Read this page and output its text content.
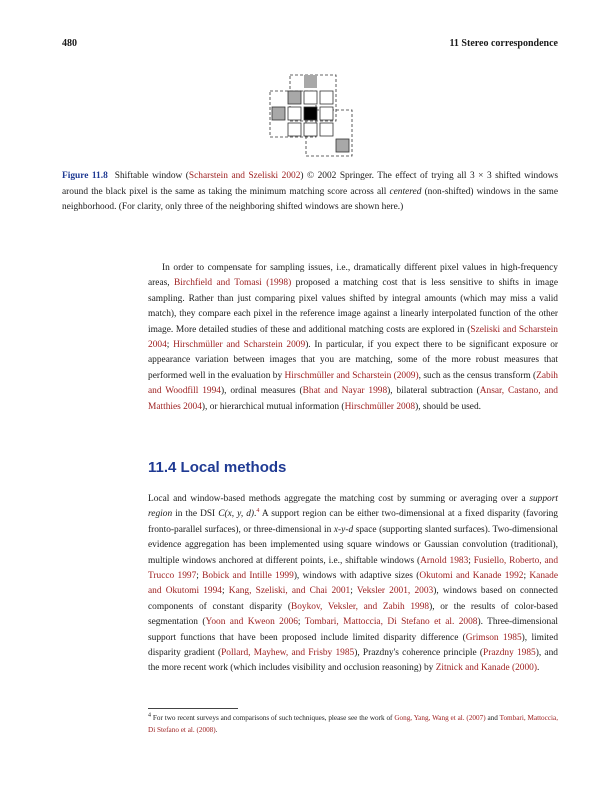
480	11 Stereo correspondence
Figure 11.8 Shiftable window (Scharstein and Szeliski 2002) © 2002 Springer. The effect of trying all 3 × 3 shifted windows around the black pixel is the same as taking the minimum matching score across all centered (non-shifted) windows in the same neighborhood. (For clarity, only three of the neighboring shifted windows are shown here.)
In order to compensate for sampling issues, i.e., dramatically different pixel values in high-frequency areas, Birchfield and Tomasi (1998) proposed a matching cost that is less sensitive to shifts in image sampling. Rather than just comparing pixel values shifted by integral amounts (which may miss a valid match), they compare each pixel in the reference image against a linearly interpolated function of the other image. More detailed studies of these and additional matching costs are explored in (Szeliski and Scharstein 2004; Hirschmüller and Scharstein 2009). In particular, if you expect there to be significant exposure or appearance variation between images that you are matching, some of the more robust measures that performed well in the evaluation by Hirschmüller and Scharstein (2009), such as the census transform (Zabih and Woodfill 1994), ordinal measures (Bhat and Nayar 1998), bilateral subtraction (Ansar, Castano, and Matthies 2004), or hierarchical mutual information (Hirschmüller 2008), should be used.
11.4 Local methods
Local and window-based methods aggregate the matching cost by summing or averaging over a support region in the DSI C(x, y, d).$^4$ A support region can be either two-dimensional at a fixed disparity (favoring fronto-parallel surfaces), or three-dimensional in x-y-d space (supporting slanted surfaces). Two-dimensional evidence aggregation has been implemented using square windows or Gaussian convolution (traditional), multiple windows anchored at different points, i.e., shiftable windows (Arnold 1983; Fusiello, Roberto, and Trucco 1997; Bobick and Intille 1999), windows with adaptive sizes (Okutomi and Kanade 1992; Kanade and Okutomi 1994; Kang, Szeliski, and Chai 2001; Veksler 2001, 2003), windows based on connected components of constant disparity (Boykov, Veksler, and Zabih 1998), or the results of color-based segmentation (Yoon and Kweon 2006; Tombari, Mattoccia, Di Stefano et al. 2008). Three-dimensional support functions that have been proposed include limited disparity difference (Grimson 1985), limited disparity gradient (Pollard, Mayhew, and Frisby 1985), Prazdny's coherence principle (Prazdny 1985), and the more recent work (which includes visibility and occlusion reasoning) by Zitnick and Kanade (2000).
$^4$ For two recent surveys and comparisons of such techniques, please see the work of Gong, Yang, Wang et al. (2007) and Tombari, Mattoccia, Di Stefano et al. (2008).
